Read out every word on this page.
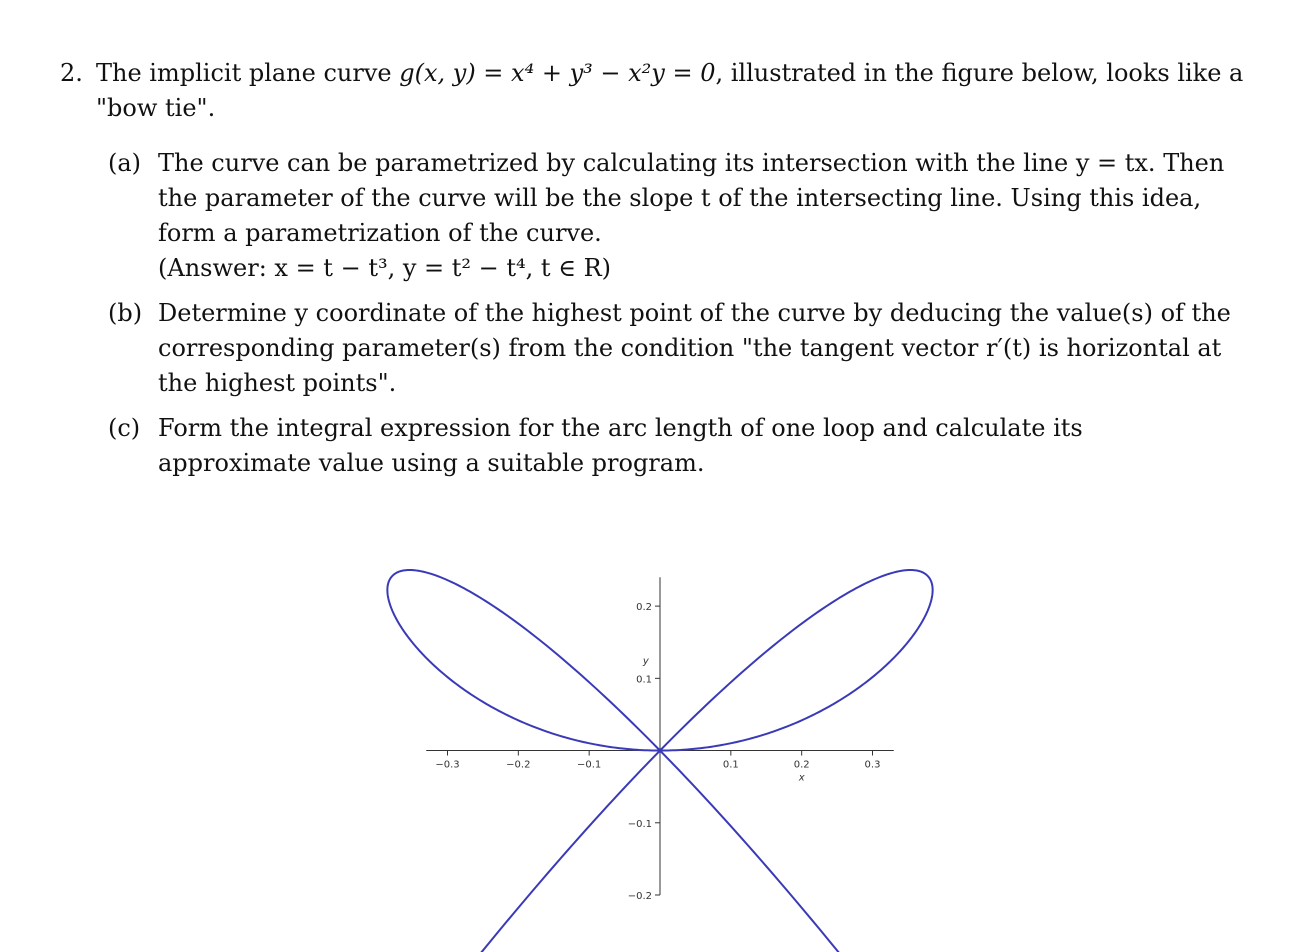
2. The implicit plane curve g(x, y) = x⁴ + y³ − x²y = 0, illustrated in the figure below, looks like a "bow tie".
(a) The curve can be parametrized by calculating its intersection with the line y = tx. Then the parameter of the curve will be the slope t of the intersecting line. Using this idea, form a parametrization of the curve.
(Answer: x = t − t³, y = t² − t⁴, t ∈ R)
(b) Determine y coordinate of the highest point of the curve by deducing the value(s) of the corresponding parameter(s) from the condition "the tangent vector r′(t) is horizontal at the highest points".
(c) Form the integral expression for the arc length of one loop and calculate its approximate value using a suitable program.
−0.3	−0.2	−0.1	0.1	0.2	0.3
0.2
0.1
−0.1
−0.2
x
y
